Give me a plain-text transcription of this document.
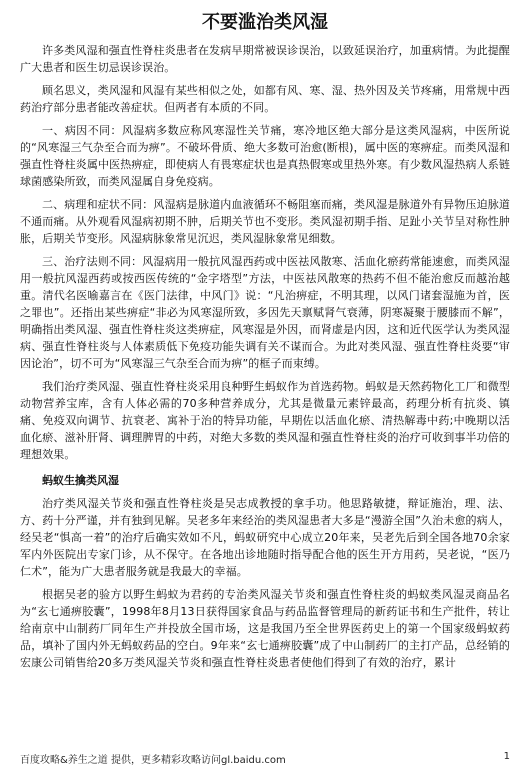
不要滥治类风湿

许多类风湿和强直性脊柱炎患者在发病早期常被误诊误治，以致延误治疗，加重病情。为此提醒广大患者和医生切忌误诊误治。

顾名思义，类风湿和风湿有某些相似之处，如都有风、寒、湿、热外因及关节疼痛，用常规中西药治疗部分患者能改善症状。但两者有本质的不同。

一、病因不同：风湿病多数应称风寒湿性关节痛，寒冷地区绝大部分是这类风湿病，中医所说的“风寒湿三气杂至合而为痹”。不破坏骨质、绝大多数可治愈(断根)，属中医的寒痹症。而类风湿和强直性脊柱炎属中医热痹症，即使病人有畏寒症状也是真热假寒或里热外寒。有少数风湿热病人系链球菌感染所致，而类风湿属自身免疫病。

二、病理和症状不同：风湿病是脉道内血液循环不畅阻塞而痛，类风湿是脉道外有异物压迫脉道不通而痛。从外观看风湿病初期不肿，后期关节也不变形。类风湿初期手指、足趾小关节呈对称性肿胀，后期关节变形。风湿病脉象常见沉迟，类风湿脉象常见细数。

三、治疗法则不同：风湿病用一般抗风湿西药或中医祛风散寒、活血化瘀药常能速愈，而类风湿用一般抗风湿西药或按西医传统的“金字塔型”方法，中医祛风散寒的热药不但不能治愈反而越治越重。清代名医喻嘉言在《医门法律，中风门》说：“凡治痹症，不明其理，以风门诸套湿施为首，医之罪也”。还指出某些痹症“非必为风寒湿所致，多因先天禀赋肾气衰薄，阴寒凝聚于腰膝而不解”，明确指出类风湿、强直性脊柱炎这类痹症，风寒湿是外因，而肾虚是内因，这和近代医学认为类风湿病、强直性脊柱炎与人体素质低下免疫功能失调有关不谋而合。为此对类风湿、强直性脊柱炎要“审因论治”，切不可为“风寒湿三气杂至合而为痹”的框子而束缚。

我们治疗类风湿、强直性脊柱炎采用良种野生蚂蚁作为首选药物。蚂蚁是天然药物化工厂和微型动物营养宝库，含有人体必需的70多种营养成分，尤其是微量元素锌最高，药理分析有抗炎、镇痛、免疫双向调节、抗衰老、寓补于治的特异功能，早期佐以活血化瘀、清热解毒中药;中晚期以活血化瘀、滋补肝肾、调理脾胃的中药，对绝大多数的类风湿和强直性脊柱炎的治疗可收到事半功倍的理想效果。

蚂蚁生擒类风湿

治疗类风湿关节炎和强直性脊柱炎是吴志成教授的拿手功。他思路敏捷，辩证施治，理、法、方、药十分严谨，并有独到见解。吴老多年来经治的类风湿患者大多是“漫游全国”久治未愈的病人，经吴老“惧高一着”的治疗后确实效如不凡，蚂蚁研究中心成立20年来，吴老先后到全国各地70余家军内外医院出专家门诊，从不保守。在各地出诊地随时指导配合他的医生开方用药，吴老说，“医乃仁术”，能为广大患者服务就是我最大的幸福。

根据吴老的验方以野生蚂蚁为君药的专治类风湿关节炎和强直性脊柱炎的蚂蚁类风湿灵商品名为“玄七通痹胶囊”，1998年8月13日获得国家食品与药品监督管理局的新药证书和生产批件，转让给南京中山制药厂同年生产并投放全国市场，这是我国乃至全世界医药史上的第一个国家级蚂蚁药品，填补了国内外无蚂蚁药品的空白。9年来“玄七通痹胶囊”成了中山制药厂的主打产品，总经销的宏康公司销售给20多万类风湿关节炎和强直性脊柱炎患者使他们得到了有效的治疗，累计

百度攻略&养生之道 提供，更多精彩攻略访问gl.baidu.com	1
